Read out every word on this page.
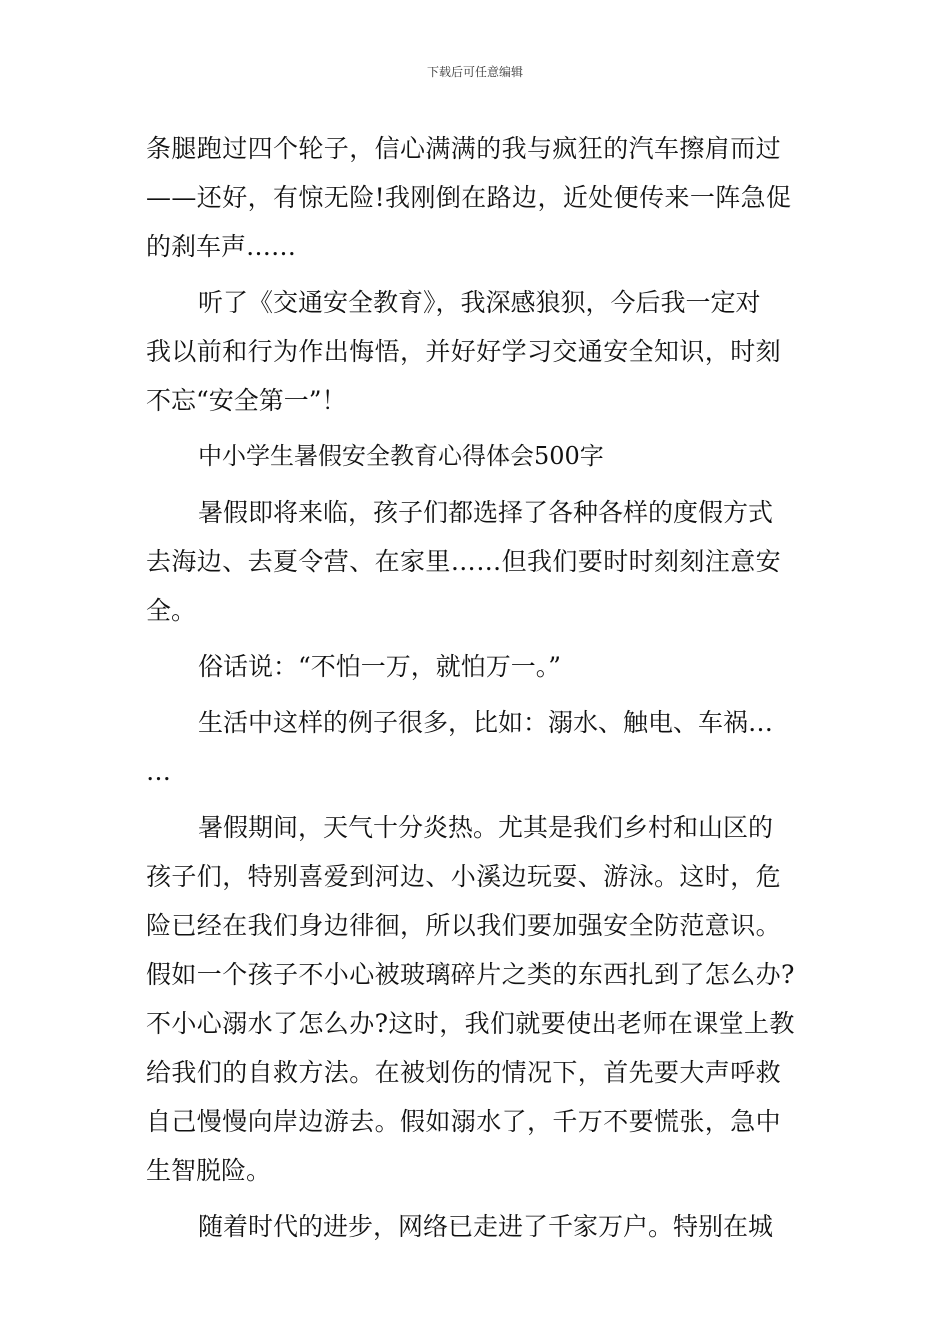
下载后可任意编辑
条腿跑过四个轮子，信心满满的我与疯狂的汽车擦肩而过
——还好，有惊无险!我刚倒在路边，近处便传来一阵急促
的刹车声……
听了《交通安全教育》，我深感狼狈，今后我一定对
我以前和行为作出悔悟，并好好学习交通安全知识，时刻
不忘“安全第一”！
中小学生暑假安全教育心得体会500字
暑假即将来临，孩子们都选择了各种各样的度假方式
去海边、去夏令营、在家里……但我们要时时刻刻注意安
全。
俗话说：“不怕一万，就怕万一。”
生活中这样的例子很多，比如：溺水、触电、车祸…
…
暑假期间，天气十分炎热。尤其是我们乡村和山区的
孩子们，特别喜爱到河边、小溪边玩耍、游泳。这时，危
险已经在我们身边徘徊，所以我们要加强安全防范意识。
假如一个孩子不小心被玻璃碎片之类的东西扎到了怎么办?
不小心溺水了怎么办?这时，我们就要使出老师在课堂上教
给我们的自救方法。在被划伤的情况下，首先要大声呼救
自己慢慢向岸边游去。假如溺水了，千万不要慌张，急中
生智脱险。
随着时代的进步，网络已走进了千家万户。特别在城
